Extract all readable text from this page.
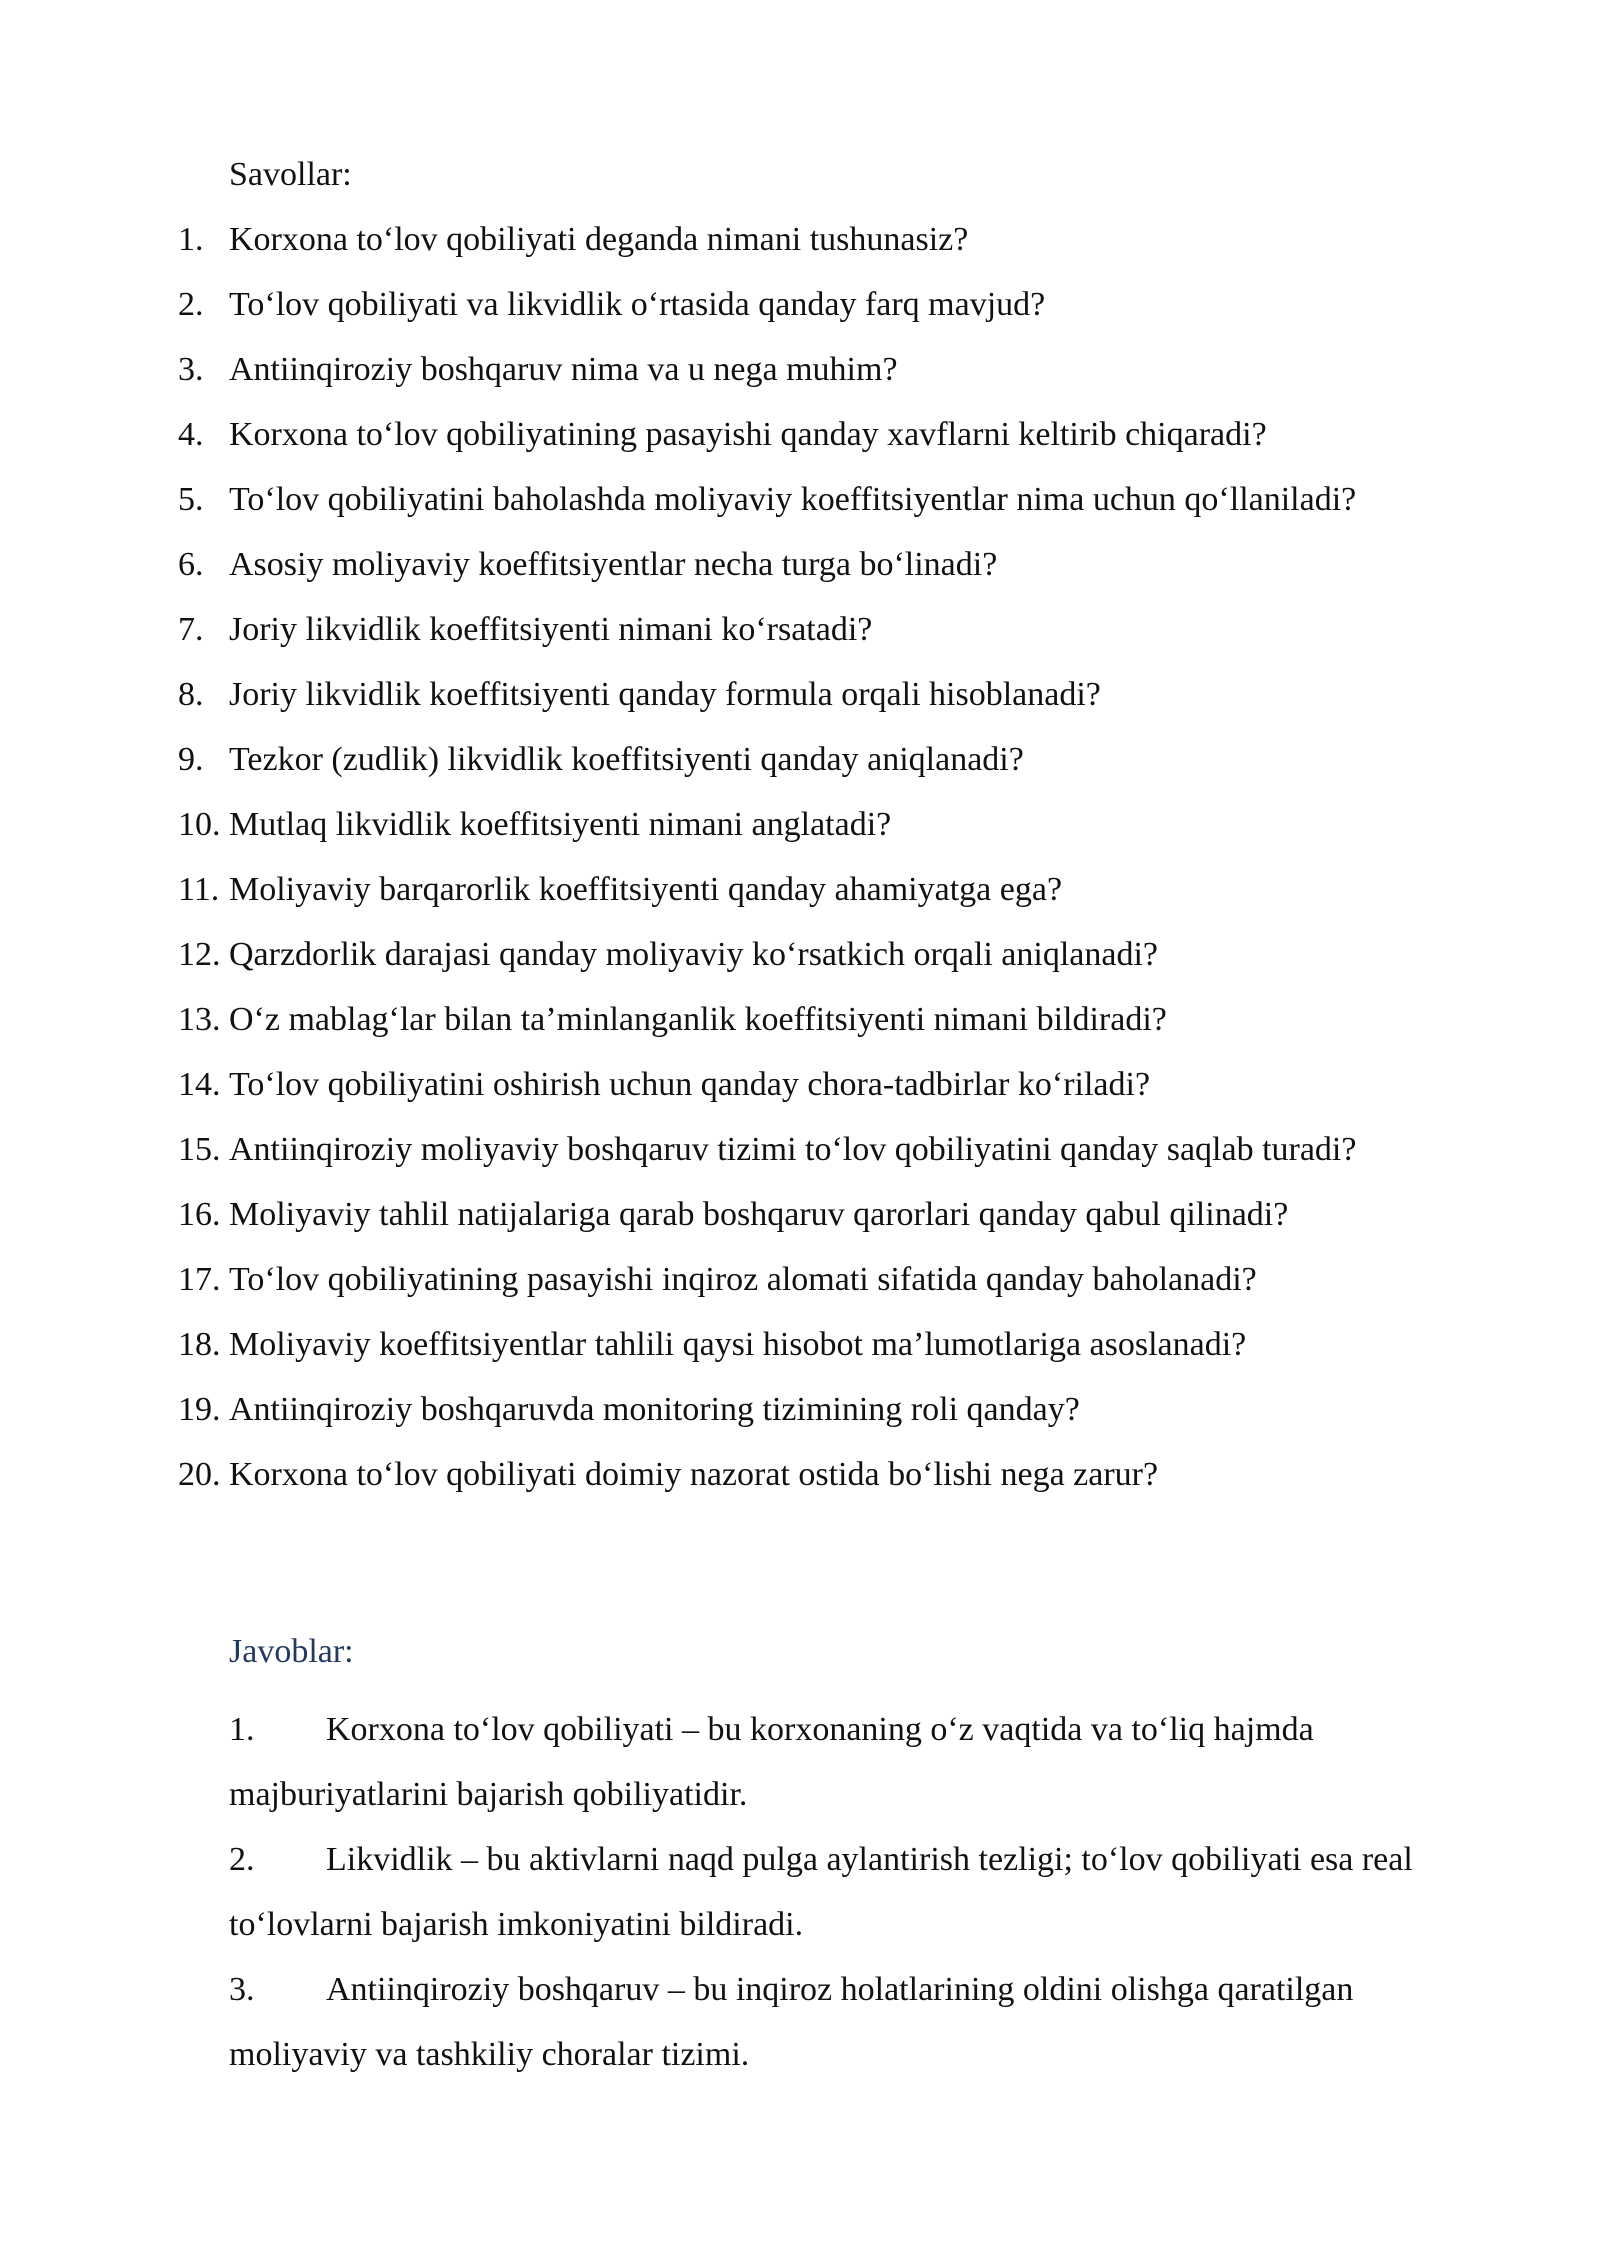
Savollar:
1. Korxona to‘lov qobiliyati deganda nimani tushunasiz?
2. To‘lov qobiliyati va likvidlik o‘rtasida qanday farq mavjud?
3. Antiinqiroziy boshqaruv nima va u nega muhim?
4. Korxona to‘lov qobiliyatining pasayishi qanday xavflarni keltirib chiqaradi?
5. To‘lov qobiliyatini baholashda moliyaviy koeffitsiyentlar nima uchun qo‘llaniladi?
6. Asosiy moliyaviy koeffitsiyentlar necha turga bo‘linadi?
7. Joriy likvidlik koeffitsiyenti nimani ko‘rsatadi?
8. Joriy likvidlik koeffitsiyenti qanday formula orqali hisoblanadi?
9. Tezkor (zudlik) likvidlik koeffitsiyenti qanday aniqlanadi?
10. Mutlaq likvidlik koeffitsiyenti nimani anglatadi?
11. Moliyaviy barqarorlik koeffitsiyenti qanday ahamiyatga ega?
12. Qarzdorlik darajasi qanday moliyaviy ko‘rsatkich orqali aniqlanadi?
13. O‘z mablag‘lar bilan ta’minlanganlik koeffitsiyenti nimani bildiradi?
14. To‘lov qobiliyatini oshirish uchun qanday chora-tadbirlar ko‘riladi?
15. Antiinqiroziy moliyaviy boshqaruv tizimi to‘lov qobiliyatini qanday saqlab turadi?
16. Moliyaviy tahlil natijalariga qarab boshqaruv qarorlari qanday qabul qilinadi?
17. To‘lov qobiliyatining pasayishi inqiroz alomati sifatida qanday baholanadi?
18. Moliyaviy koeffitsiyentlar tahlili qaysi hisobot ma’lumotlariga asoslanadi?
19. Antiinqiroziy boshqaruvda monitoring tizimining roli qanday?
20. Korxona to‘lov qobiliyati doimiy nazorat ostida bo‘lishi nega zarur?
Javoblar:
1. Korxona to‘lov qobiliyati – bu korxonaning o‘z vaqtida va to‘liq hajmda majburiyatlarini bajarish qobiliyatidir.
2. Likvidlik – bu aktivlarni naqd pulga aylantirish tezligi; to‘lov qobiliyati esa real to‘lovlarni bajarish imkoniyatini bildiradi.
3. Antiinqiroziy boshqaruv – bu inqiroz holatlarining oldini olishga qaratilgan moliyaviy va tashkiliy choralar tizimi.
